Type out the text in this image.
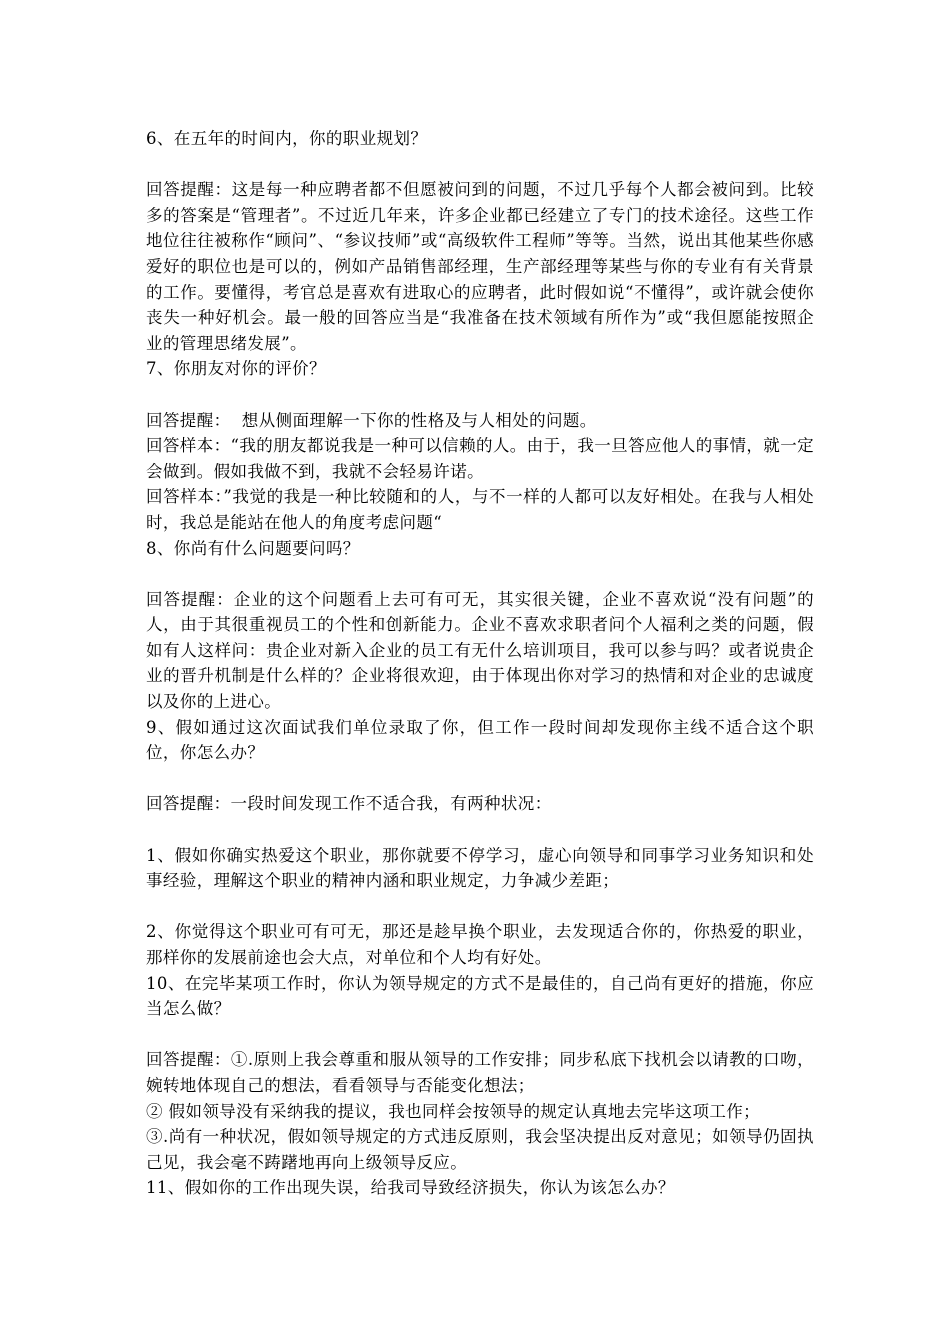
6、在五年的时间内，你的职业规划？

回答提醒：这是每一种应聘者都不但愿被问到的问题，不过几乎每个人都会被问到。比较多的答案是“管理者”。不过近几年来，许多企业都已经建立了专门的技术途径。这些工作地位往往被称作“顾问”、“参议技师”或“高级软件工程师”等等。当然，说出其他某些你感爱好的职位也是可以的，例如产品销售部经理，生产部经理等某些与你的专业有有关背景的工作。要懂得，考官总是喜欢有进取心的应聘者，此时假如说“不懂得”，或许就会使你丧失一种好机会。最一般的回答应当是“我准备在技术领域有所作为”或“我但愿能按照企业的管理思绪发展”。

7、你朋友对你的评价？

回答提醒：  想从侧面理解一下你的性格及与人相处的问题。

回答样本：“我的朋友都说我是一种可以信赖的人。由于，我一旦答应他人的事情，就一定会做到。假如我做不到，我就不会轻易许诺。

回答样本：”我觉的我是一种比较随和的人，与不一样的人都可以友好相处。在我与人相处时，我总是能站在他人的角度考虑问题“

8、你尚有什么问题要问吗？

回答提醒：企业的这个问题看上去可有可无，其实很关键，企业不喜欢说“没有问题”的人，由于其很重视员工的个性和创新能力。企业不喜欢求职者问个人福利之类的问题，假如有人这样问：贵企业对新入企业的员工有无什么培训项目，我可以参与吗？或者说贵企业的晋升机制是什么样的？企业将很欢迎，由于体现出你对学习的热情和对企业的忠诚度以及你的上进心。

9、假如通过这次面试我们单位录取了你，但工作一段时间却发现你主线不适合这个职位，你怎么办？

回答提醒：一段时间发现工作不适合我，有两种状况：

1、假如你确实热爱这个职业，那你就要不停学习，虚心向领导和同事学习业务知识和处事经验，理解这个职业的精神内涵和职业规定，力争减少差距；

2、你觉得这个职业可有可无，那还是趁早换个职业，去发现适合你的，你热爱的职业，那样你的发展前途也会大点，对单位和个人均有好处。

10、在完毕某项工作时，你认为领导规定的方式不是最佳的，自己尚有更好的措施，你应当怎么做？

回答提醒：①.原则上我会尊重和服从领导的工作安排；同步私底下找机会以请教的口吻，婉转地体现自己的想法，看看领导与否能变化想法；

② 假如领导没有采纳我的提议，我也同样会按领导的规定认真地去完毕这项工作；

③.尚有一种状况，假如领导规定的方式违反原则，我会坚决提出反对意见；如领导仍固执己见，我会毫不踌躇地再向上级领导反应。

11、假如你的工作出现失误，给我司导致经济损失，你认为该怎么办？
